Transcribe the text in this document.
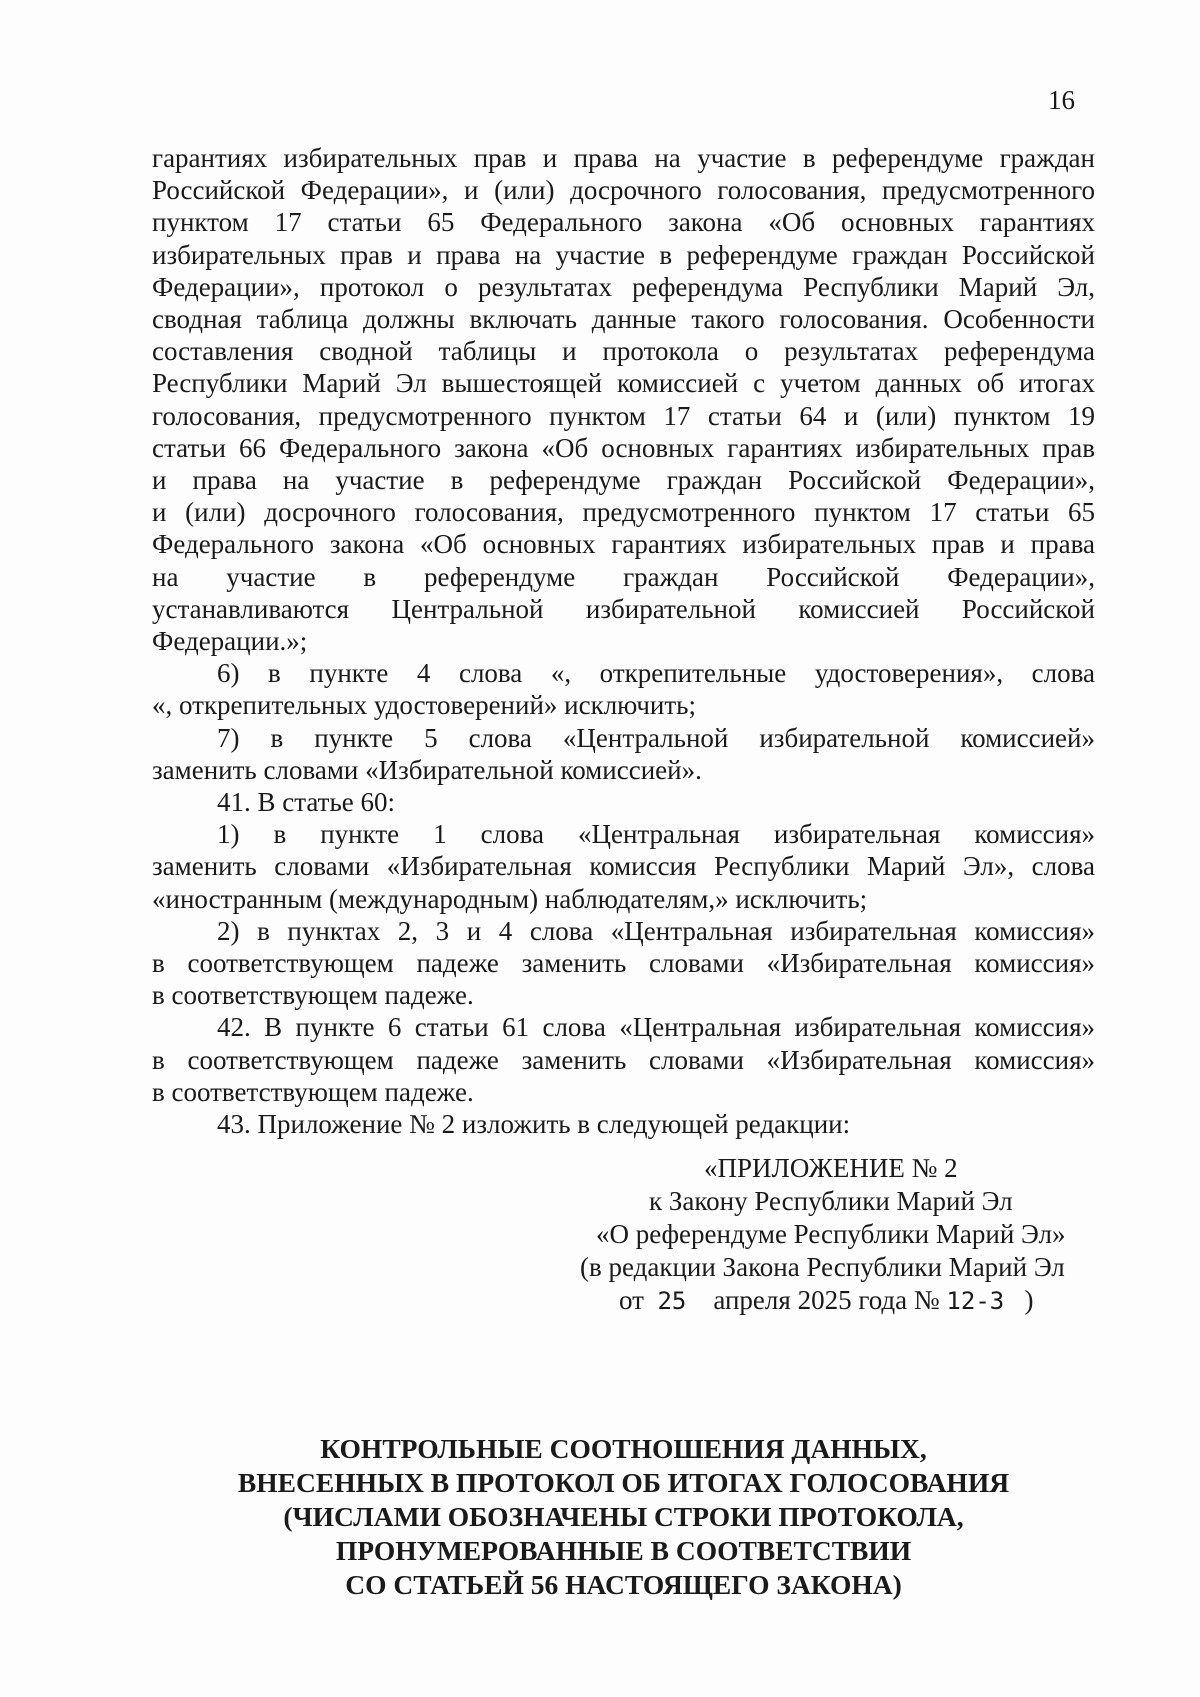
16

гарантиях избирательных прав и права на участие в референдуме граждан

Российской Федерации», и (или) досрочного голосования, предусмотренного

пунктом 17 статьи 65 Федерального закона «Об основных гарантиях

избирательных прав и права на участие в референдуме граждан Российской

Федерации», протокол о результатах референдума Республики Марий Эл,

сводная таблица должны включать данные такого голосования. Особенности

составления сводной таблицы и протокола о результатах референдума

Республики Марий Эл вышестоящей комиссией с учетом данных об итогах

голосования, предусмотренного пунктом 17 статьи 64 и (или) пунктом 19

статьи 66 Федерального закона «Об основных гарантиях избирательных прав

и права на участие в референдуме граждан Российской Федерации»,

и (или) досрочного голосования, предусмотренного пунктом 17 статьи 65

Федерального закона «Об основных гарантиях избирательных прав и права

на участие в референдуме граждан Российской Федерации»,

устанавливаются Центральной избирательной комиссией Российской

Федерации.»;

6) в пункте 4 слова «, открепительные удостоверения», слова

«, открепительных удостоверений» исключить;

7) в пункте 5 слова «Центральной избирательной комиссией»

заменить словами «Избирательной комиссией».

41. В статье 60:

1) в пункте 1 слова «Центральная избирательная комиссия»

заменить словами «Избирательная комиссия Республики Марий Эл», слова

«иностранным (международным) наблюдателям,» исключить;

2) в пунктах 2, 3 и 4 слова «Центральная избирательная комиссия»

в соответствующем падеже заменить словами «Избирательная комиссия»

в соответствующем падеже.

42. В пункте 6 статьи 61 слова «Центральная избирательная комиссия»

в соответствующем падеже заменить словами «Избирательная комиссия»

в соответствующем падеже.

43. Приложение № 2 изложить в следующей редакции:

«ПРИЛОЖЕНИЕ № 2

к Закону Республики Марий Эл

«О референдуме Республики Марий Эл»

(в редакции Закона Республики Марий Эл

от 25 апреля 2025 года № 12-З )

КОНТРОЛЬНЫЕ СООТНОШЕНИЯ ДАННЫХ,

ВНЕСЕННЫХ В ПРОТОКОЛ ОБ ИТОГАХ ГОЛОСОВАНИЯ

(ЧИСЛАМИ ОБОЗНАЧЕНЫ СТРОКИ ПРОТОКОЛА,

ПРОНУМЕРОВАННЫЕ В СООТВЕТСТВИИ

СО СТАТЬЕЙ 56 НАСТОЯЩЕГО ЗАКОНА)
